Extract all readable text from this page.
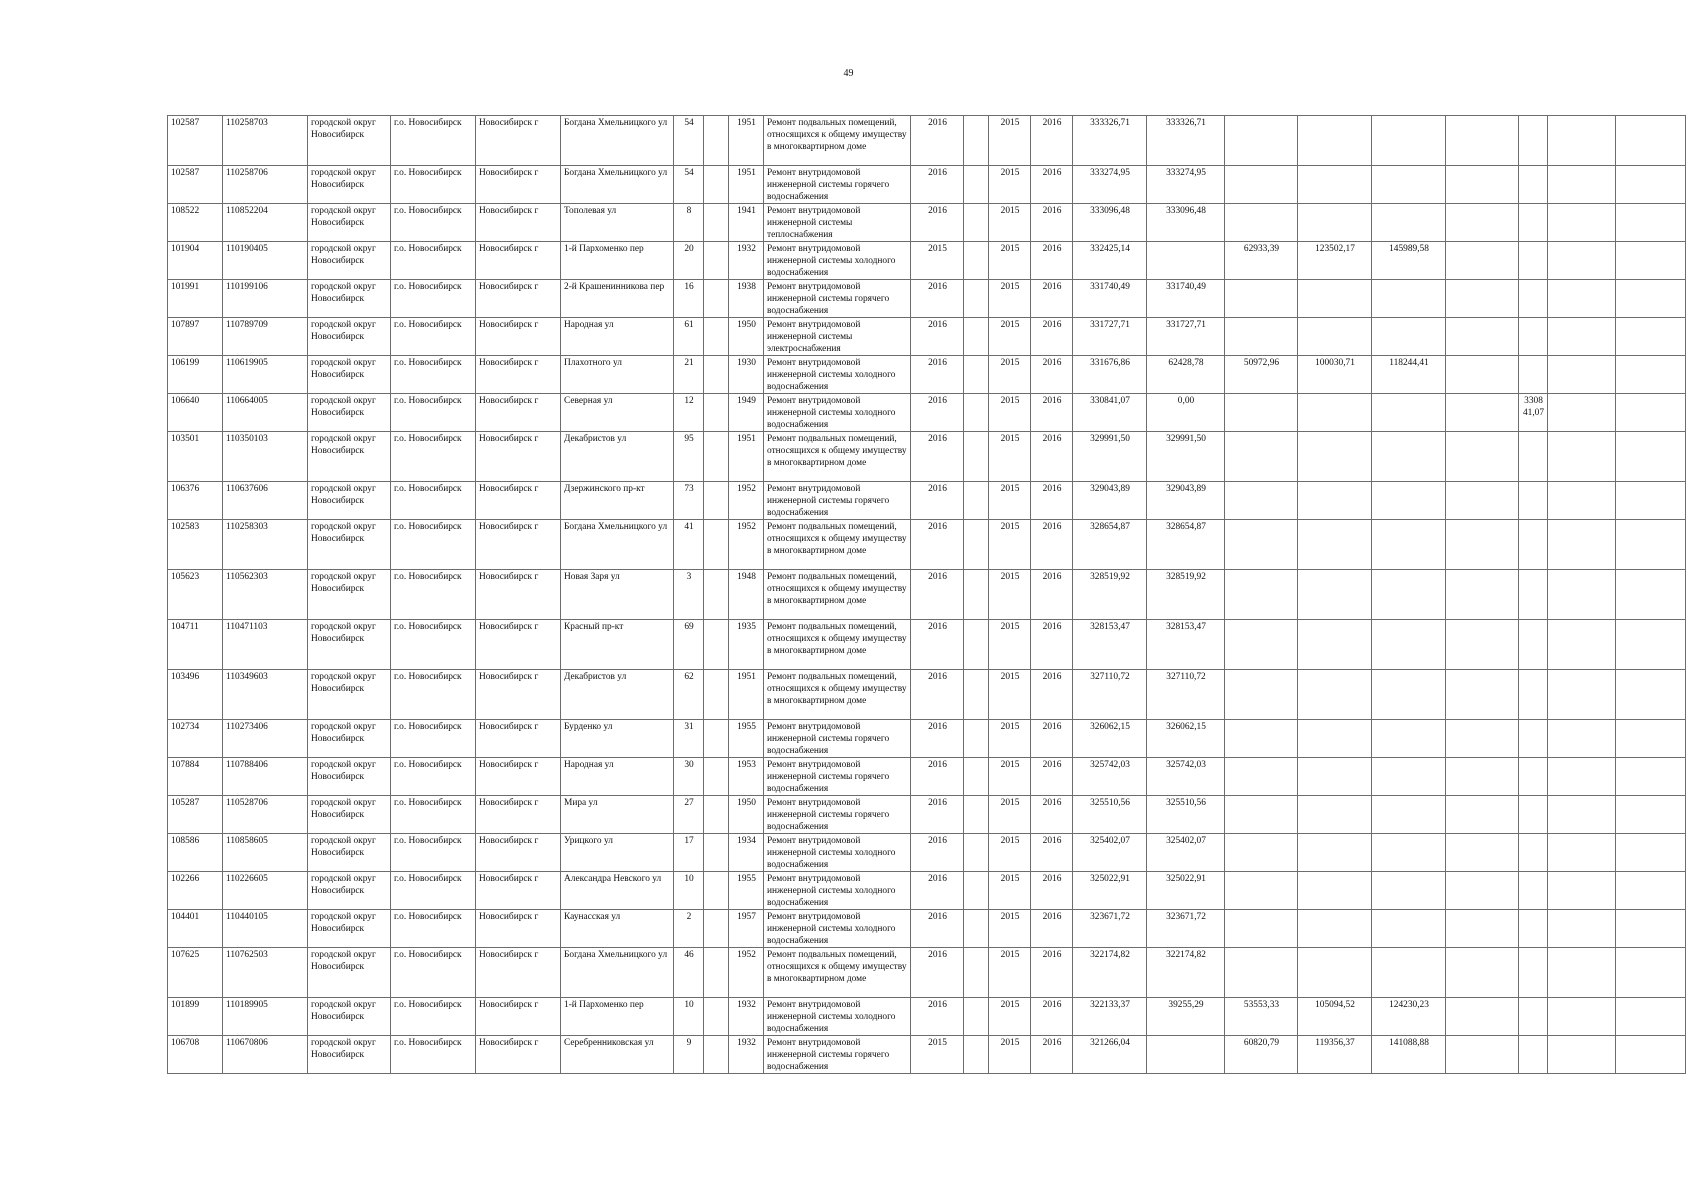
49
102587	110258703	городской округ Новосибирск	г.о. Новосибирск	Новосибирск г	Богдана Хмельницкого ул	54		1951	Ремонт подвальных помещений, относящихся к общему имуществу в многоквартирном доме	2016		2015	2016	333326,71	333326,71							
102587	110258706	городской округ Новосибирск	г.о. Новосибирск	Новосибирск г	Богдана Хмельницкого ул	54		1951	Ремонт внутридомовой инженерной системы горячего водоснабжения	2016		2015	2016	333274,95	333274,95							
108522	110852204	городской округ Новосибирск	г.о. Новосибирск	Новосибирск г	Тополевая ул	8		1941	Ремонт внутридомовой инженерной системы теплоснабжения	2016		2015	2016	333096,48	333096,48							
101904	110190405	городской округ Новосибирск	г.о. Новосибирск	Новосибирск г	1-й Пархоменко пер	20		1932	Ремонт внутридомовой инженерной системы холодного водоснабжения	2015		2015	2016	332425,14		62933,39	123502,17	145989,58				
101991	110199106	городской округ Новосибирск	г.о. Новосибирск	Новосибирск г	2-й Крашенинникова пер	16		1938	Ремонт внутридомовой инженерной системы горячего водоснабжения	2016		2015	2016	331740,49	331740,49							
107897	110789709	городской округ Новосибирск	г.о. Новосибирск	Новосибирск г	Народная ул	61		1950	Ремонт внутридомовой инженерной системы электроснабжения	2016		2015	2016	331727,71	331727,71							
106199	110619905	городской округ Новосибирск	г.о. Новосибирск	Новосибирск г	Плахотного ул	21		1930	Ремонт внутридомовой инженерной системы холодного водоснабжения	2016		2015	2016	331676,86	62428,78	50972,96	100030,71	118244,41				
106640	110664005	городской округ Новосибирск	г.о. Новосибирск	Новосибирск г	Северная ул	12		1949	Ремонт внутридомовой инженерной системы холодного водоснабжения	2016		2015	2016	330841,07	0,00					330841,07		
103501	110350103	городской округ Новосибирск	г.о. Новосибирск	Новосибирск г	Декабристов ул	95		1951	Ремонт подвальных помещений, относящихся к общему имуществу в многоквартирном доме	2016		2015	2016	329991,50	329991,50							
106376	110637606	городской округ Новосибирск	г.о. Новосибирск	Новосибирск г	Дзержинского пр-кт	73		1952	Ремонт внутридомовой инженерной системы горячего водоснабжения	2016		2015	2016	329043,89	329043,89							
102583	110258303	городской округ Новосибирск	г.о. Новосибирск	Новосибирск г	Богдана Хмельницкого ул	41		1952	Ремонт подвальных помещений, относящихся к общему имуществу в многоквартирном доме	2016		2015	2016	328654,87	328654,87							
105623	110562303	городской округ Новосибирск	г.о. Новосибирск	Новосибирск г	Новая Заря ул	3		1948	Ремонт подвальных помещений, относящихся к общему имуществу в многоквартирном доме	2016		2015	2016	328519,92	328519,92							
104711	110471103	городской округ Новосибирск	г.о. Новосибирск	Новосибирск г	Красный пр-кт	69		1935	Ремонт подвальных помещений, относящихся к общему имуществу в многоквартирном доме	2016		2015	2016	328153,47	328153,47							
103496	110349603	городской округ Новосибирск	г.о. Новосибирск	Новосибирск г	Декабристов ул	62		1951	Ремонт подвальных помещений, относящихся к общему имуществу в многоквартирном доме	2016		2015	2016	327110,72	327110,72							
102734	110273406	городской округ Новосибирск	г.о. Новосибирск	Новосибирск г	Бурденко ул	31		1955	Ремонт внутридомовой инженерной системы горячего водоснабжения	2016		2015	2016	326062,15	326062,15							
107884	110788406	городской округ Новосибирск	г.о. Новосибирск	Новосибирск г	Народная ул	30		1953	Ремонт внутридомовой инженерной системы горячего водоснабжения	2016		2015	2016	325742,03	325742,03							
105287	110528706	городской округ Новосибирск	г.о. Новосибирск	Новосибирск г	Мира ул	27		1950	Ремонт внутридомовой инженерной системы горячего водоснабжения	2016		2015	2016	325510,56	325510,56							
108586	110858605	городской округ Новосибирск	г.о. Новосибирск	Новосибирск г	Урицкого ул	17		1934	Ремонт внутридомовой инженерной системы холодного водоснабжения	2016		2015	2016	325402,07	325402,07							
102266	110226605	городской округ Новосибирск	г.о. Новосибирск	Новосибирск г	Александра Невского ул	10		1955	Ремонт внутридомовой инженерной системы холодного водоснабжения	2016		2015	2016	325022,91	325022,91							
104401	110440105	городской округ Новосибирск	г.о. Новосибирск	Новосибирск г	Каунасская ул	2		1957	Ремонт внутридомовой инженерной системы холодного водоснабжения	2016		2015	2016	323671,72	323671,72							
107625	110762503	городской округ Новосибирск	г.о. Новосибирск	Новосибирск г	Богдана Хмельницкого ул	46		1952	Ремонт подвальных помещений, относящихся к общему имуществу в многоквартирном доме	2016		2015	2016	322174,82	322174,82							
101899	110189905	городской округ Новосибирск	г.о. Новосибирск	Новосибирск г	1-й Пархоменко пер	10		1932	Ремонт внутридомовой инженерной системы холодного водоснабжения	2016		2015	2016	322133,37	39255,29	53553,33	105094,52	124230,23				
106708	110670806	городской округ Новосибирск	г.о. Новосибирск	Новосибирск г	Серебренниковская ул	9		1932	Ремонт внутридомовой инженерной системы горячего водоснабжения	2015		2015	2016	321266,04		60820,79	119356,37	141088,88				
